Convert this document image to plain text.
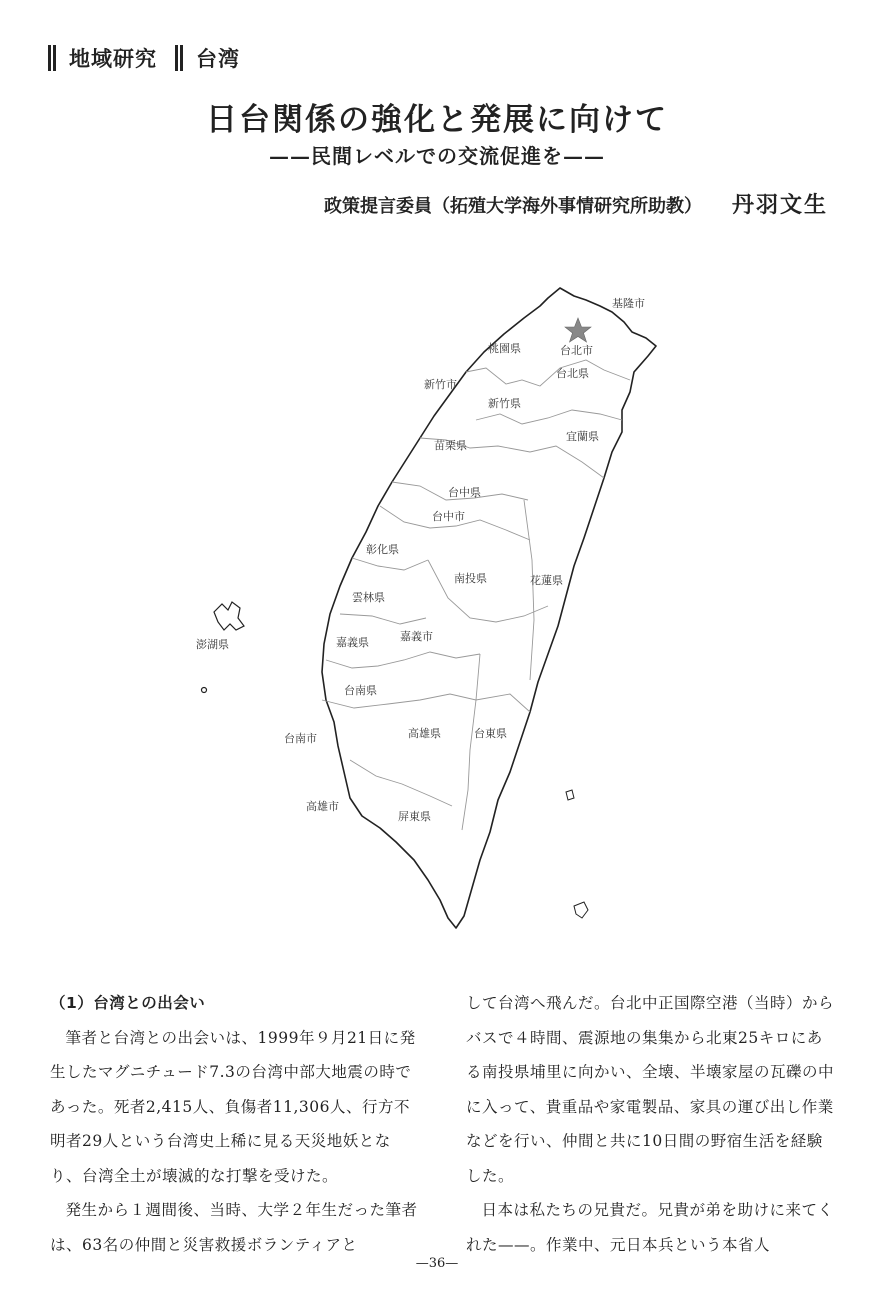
地域研究 台湾
日台関係の強化と発展に向けて
——民間レベルでの交流促進を——
政策提言委員（拓殖大学海外事情研究所助教） 丹羽文生
基隆市
桃園県	台北市
台北県
新竹市
新竹県
宜蘭県
苗栗県
台中県
台中市
彰化県
南投県	花蓮県
雲林県
澎湖県	嘉義県	嘉義市
台南県
台南市	高雄県	台東県
高雄市
屏東県

（1）台湾との出会い

筆者と台湾との出会いは、1999年９月21日に発生したマグニチュード7.3の台湾中部大地震の時であった。死者2,415人、負傷者11,306人、行方不明者29人という台湾史上稀に見る天災地妖となり、台湾全土が壊滅的な打撃を受けた。

発生から１週間後、当時、大学２年生だった筆者は、63名の仲間と災害救援ボランティアと

して台湾へ飛んだ。台北中正国際空港（当時）からバスで４時間、震源地の集集から北東25キロにある南投県埔里に向かい、全壊、半壊家屋の瓦礫の中に入って、貴重品や家電製品、家具の運び出し作業などを行い、仲間と共に10日間の野宿生活を経験した。

日本は私たちの兄貴だ。兄貴が弟を助けに来てくれた——。作業中、元日本兵という本省人

—36—
